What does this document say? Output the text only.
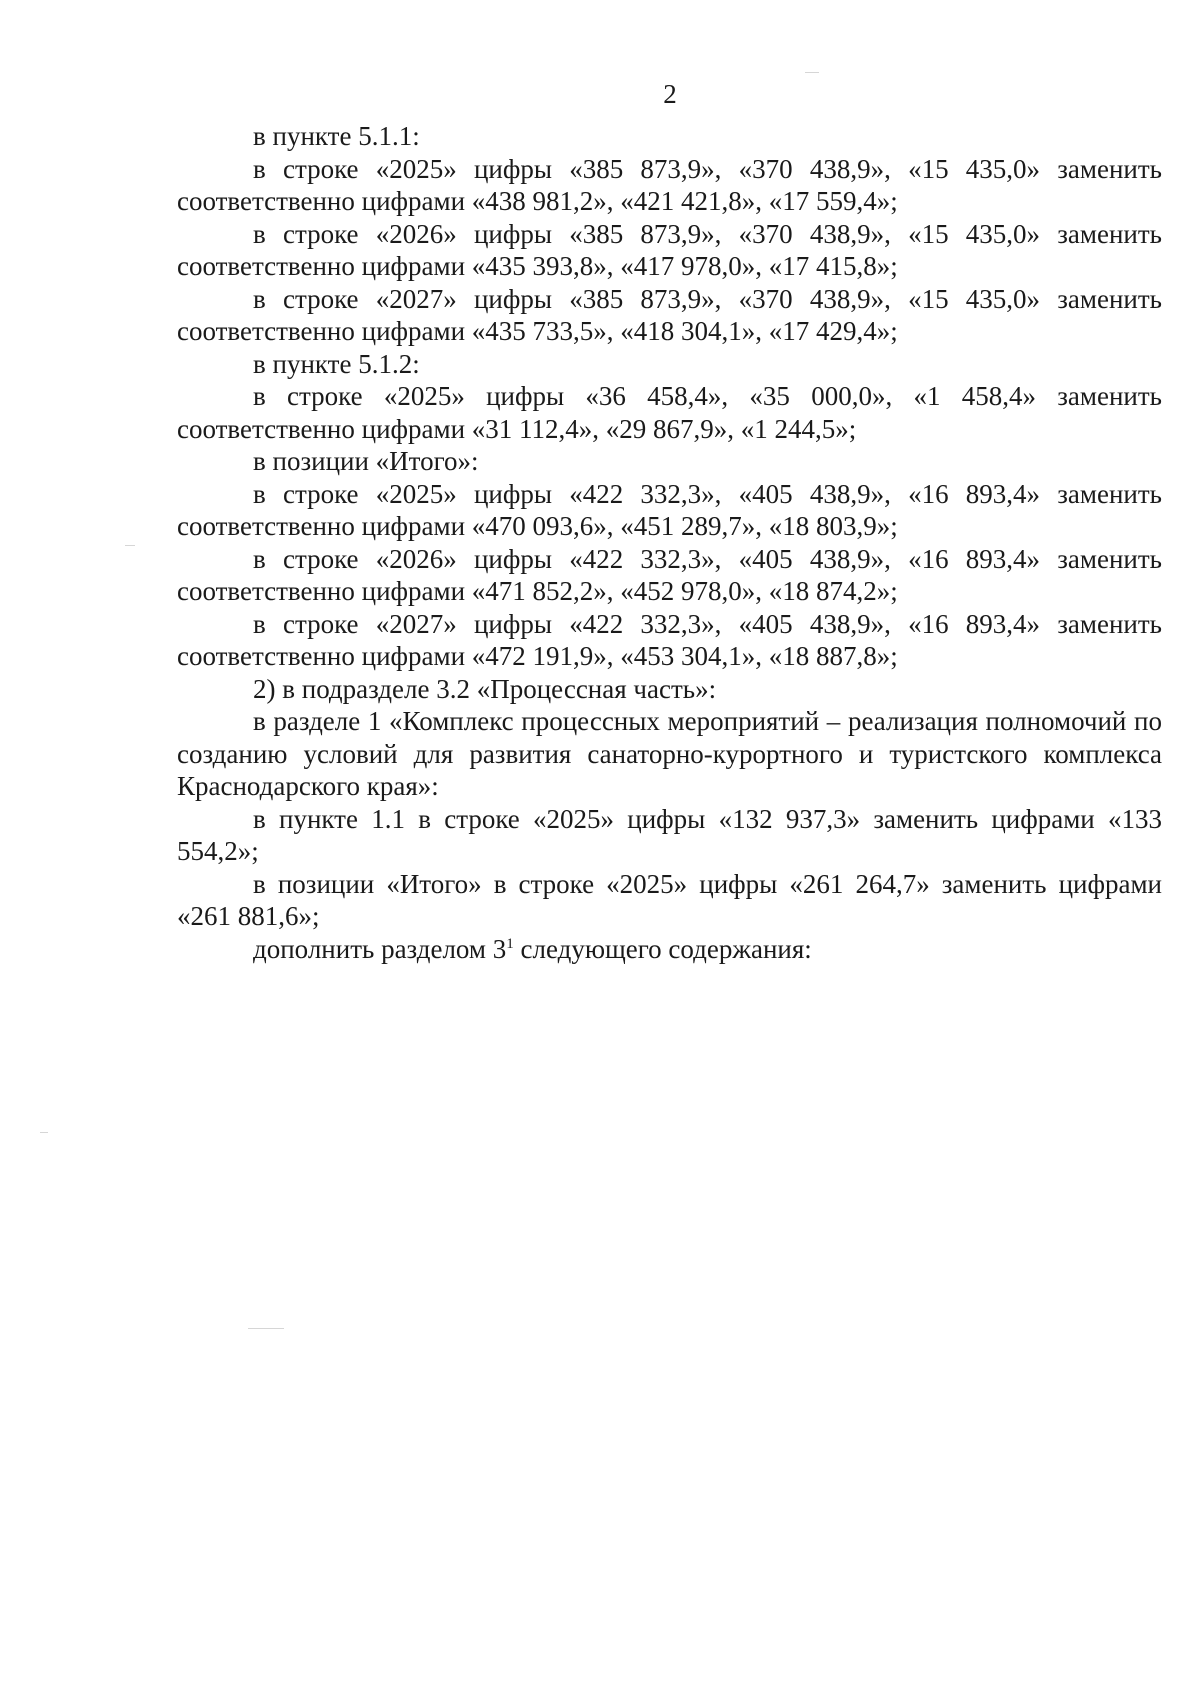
2

в пункте 5.1.1:

в строке «2025» цифры «385 873,9», «370 438,9», «15 435,0» заменить соответственно цифрами «438 981,2», «421 421,8», «17 559,4»;

в строке «2026» цифры «385 873,9», «370 438,9», «15 435,0» заменить соответственно цифрами «435 393,8», «417 978,0», «17 415,8»;

в строке «2027» цифры «385 873,9», «370 438,9», «15 435,0» заменить соответственно цифрами «435 733,5», «418 304,1», «17 429,4»;

в пункте 5.1.2:

в строке «2025» цифры «36 458,4», «35 000,0», «1 458,4» заменить соответственно цифрами «31 112,4», «29 867,9», «1 244,5»;

в позиции «Итого»:

в строке «2025» цифры «422 332,3», «405 438,9», «16 893,4» заменить соответственно цифрами «470 093,6», «451 289,7», «18 803,9»;

в строке «2026» цифры «422 332,3», «405 438,9», «16 893,4» заменить соответственно цифрами «471 852,2», «452 978,0», «18 874,2»;

в строке «2027» цифры «422 332,3», «405 438,9», «16 893,4» заменить соответственно цифрами «472 191,9», «453 304,1», «18 887,8»;

2) в подразделе 3.2 «Процессная часть»:

в разделе 1 «Комплекс процессных мероприятий – реализация полномочий по созданию условий для развития санаторно-курортного и туристского комплекса Краснодарского края»:

в пункте 1.1 в строке «2025» цифры «132 937,3» заменить цифрами «133 554,2»;

в позиции «Итого» в строке «2025» цифры «261 264,7» заменить цифрами «261 881,6»;

дополнить разделом $3^1$ следующего содержания:
